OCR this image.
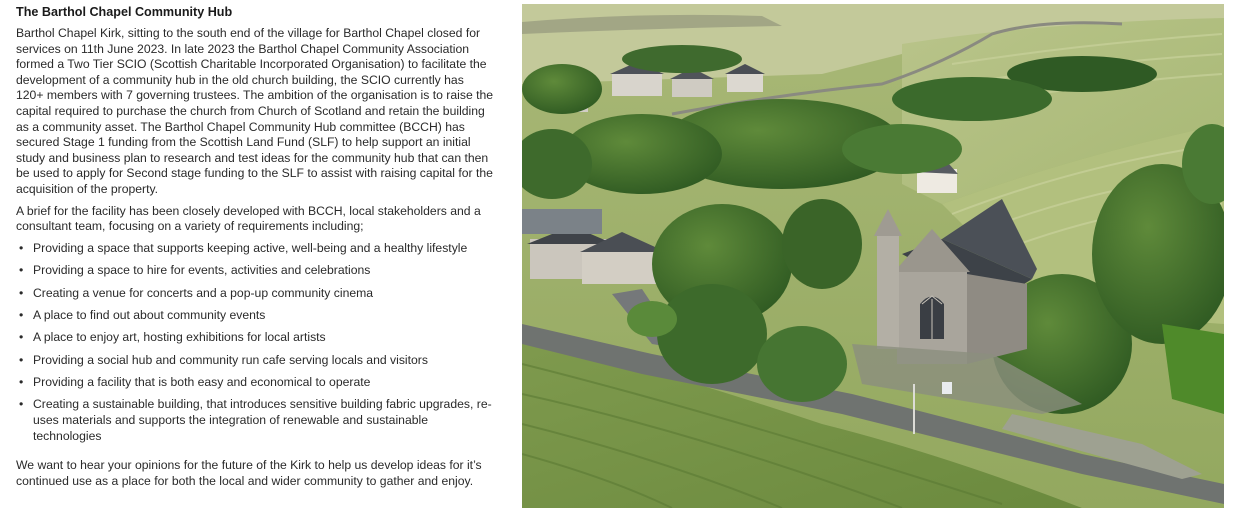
The Barthol Chapel Community Hub

Barthol Chapel Kirk, sitting to the south end of the village for Barthol Chapel closed for services on 11th June 2023. In late 2023 the Barthol Chapel Community Association formed a Two Tier SCIO (Scottish Charitable Incorporated Organisation) to facilitate the development of a community hub in the old church building, the SCIO currently has 120+ members with 7 governing trustees. The ambition of the organisation is to raise the capital required to purchase the church from Church of Scotland and retain the building as a community asset. The Barthol Chapel Community Hub committee (BCCH) has secured Stage 1 funding from the Scottish Land Fund (SLF) to help support an initial study and business plan to research and test ideas for the community hub that can then be used to apply for Second stage funding to the SLF to assist with raising capital for the acquisition of the property.

A brief for the facility has been closely developed with BCCH, local stakeholders and a consultant team, focusing on a variety of requirements including;

• Providing a space that supports keeping active, well-being and a healthy lifestyle
• Providing a space to hire for events, activities and celebrations
• Creating a venue for concerts and a pop-up community cinema
• A place to find out about community events
• A place to enjoy art, hosting exhibitions for local artists
• Providing a social hub and community run cafe serving locals and visitors
• Providing a facility that is both easy and economical to operate
• Creating a sustainable building, that introduces sensitive building fabric upgrades, re-uses materials and supports the integration of renewable and sustainable technologies

We want to hear your opinions for the future of the Kirk to help us develop ideas for it’s continued use as a place for both the local and wider community to gather and enjoy.
